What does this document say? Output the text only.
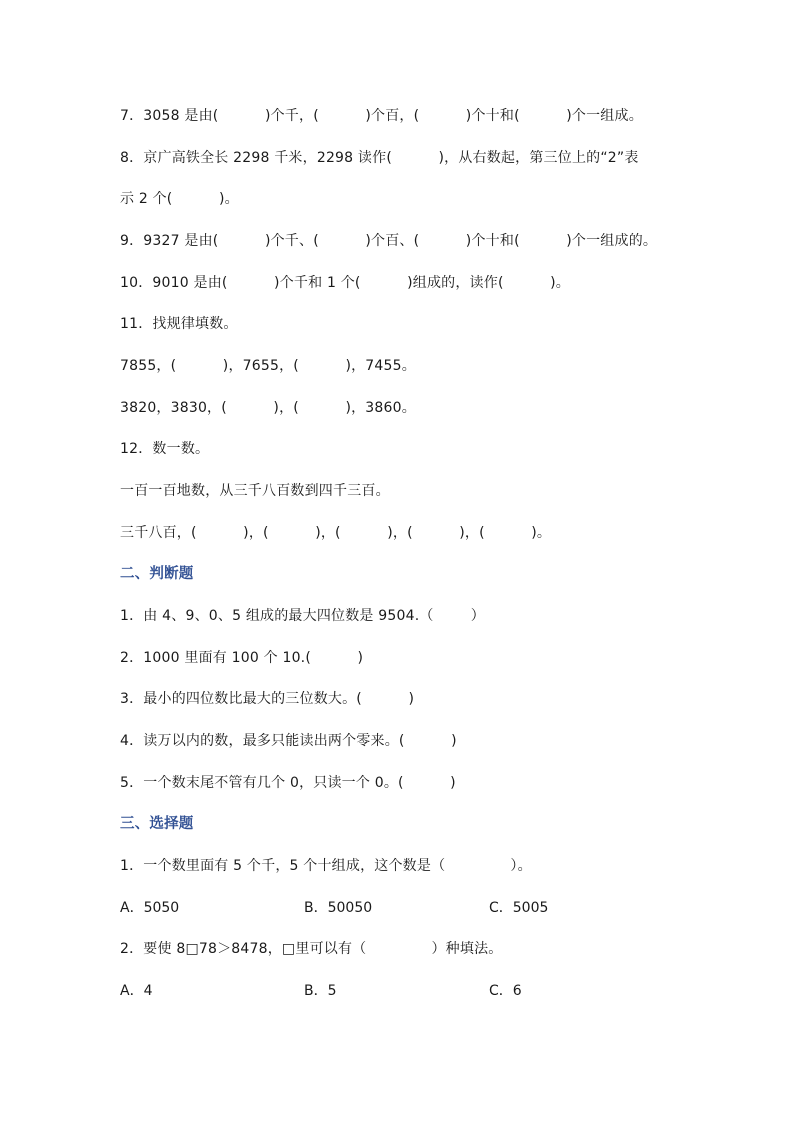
7．3058 是由(          )个千，(          )个百，(          )个十和(          )个一组成。
8．京广高铁全长 2298 千米，2298 读作(          )，从右数起，第三位上的“2”表
示 2 个(          )。
9．9327 是由(          )个千、(          )个百、(          )个十和(          )个一组成的。
10．9010 是由(          )个千和 1 个(          )组成的，读作(          )。
11．找规律填数。
7855，(          )，7655，(          )，7455。
3820，3830，(          )，(          )，3860。
12．数一数。
一百一百地数，从三千八百数到四千三百。
三千八百，(          )，(          )，(          )，(          )，(          )。
二、判断题
1．由 4、9、0、5 组成的最大四位数是 9504.（        ）
2．1000 里面有 100 个 10.(          )
3．最小的四位数比最大的三位数大。(          )
4．读万以内的数，最多只能读出两个零来。(          )
5．一个数末尾不管有几个 0，只读一个 0。(          )
三、选择题
1．一个数里面有 5 个千，5 个十组成，这个数是（              ）。
A．5050	B．50050	C．5005
2．要使 8□78＞8478，□里可以有（              ）种填法。
A．4	B．5	C．6
